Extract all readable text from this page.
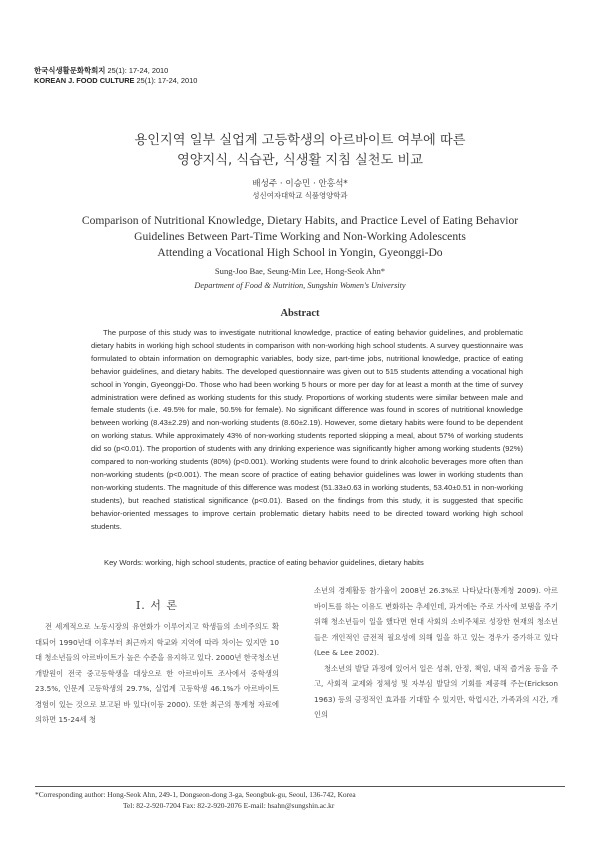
한국식생활문화학회지 25(1): 17-24, 2010
KOREAN J. FOOD CULTURE 25(1): 17-24, 2010
용인지역 일부 실업계 고등학생의 아르바이트 여부에 따른
영양지식, 식습관, 식생활 지침 실천도 비교
배성주 · 이승민 · 안홍석*
성신여자대학교 식품영양학과
Comparison of Nutritional Knowledge, Dietary Habits, and Practice Level of Eating Behavior
Guidelines Between Part-Time Working and Non-Working Adolescents
Attending a Vocational High School in Yongin, Gyeonggi-Do
Sung-Joo Bae, Seung-Min Lee, Hong-Seok Ahn*
Department of Food & Nutrition, Sungshin Women's University
Abstract
The purpose of this study was to investigate nutritional knowledge, practice of eating behavior guidelines, and problematic dietary habits in working high school students in comparison with non-working high school students. A survey questionnaire was formulated to obtain information on demographic variables, body size, part-time jobs, nutritional knowledge, practice of eating behavior guidelines, and dietary habits. The developed questionnaire was given out to 515 students attending a vocational high school in Yongin, Gyeonggi-Do. Those who had been working 5 hours or more per day for at least a month at the time of survey administration were defined as working students for this study. Proportions of working students were similar between male and female students (i.e. 49.5% for male, 50.5% for female). No significant difference was found in scores of nutritional knowledge between working (8.43±2.29) and non-working students (8.60±2.19). However, some dietary habits were found to be dependent on working status. While approximately 43% of non-working students reported skipping a meal, about 57% of working students did so (p<0.01). The proportion of students with any drinking experience was significantly higher among working students (92%) compared to non-working students (80%) (p<0.001). Working students were found to drink alcoholic beverages more often than non-working students (p<0.001). The mean score of practice of eating behavior guidelines was lower in working students than non-working students. The magnitude of this difference was modest (51.33±0.63 in working students, 53.40±0.51 in non-working students), but reached statistical significance (p<0.01). Based on the findings from this study, it is suggested that specific behavior-oriented messages to improve certain problematic dietary habits need to be directed toward working high school students.
Key Words: working, high school students, practice of eating behavior guidelines, dietary habits
I. 서 론

전 세계적으로 노동시장의 유연화가 이루어지고 학생들의 소비주의도 확대되어 1990년대 이후부터 최근까지 학교와 지역에 따라 차이는 있지만 10대 청소년들의 아르바이트가 높은 수준을 유지하고 있다. 2000년 한국청소년개발원이 전국 중고등학생을 대상으로 한 아르바이트 조사에서 중학생의 23.5%, 인문계 고등학생의 29.7%, 실업계 고등학생 46.1%가 아르바이트 경험이 있는 것으로 보고된 바 있다(이등 2000). 또한 최근의 통계청 자료에 의하면 15-24세 청

소년의 경제활동 참가율이 2008년 26.3%로 나타났다(통계청 2009). 아르바이트를 하는 이유도 변화하는 추세인데, 과거에는 주로 가사에 보탬을 주기 위해 청소년들이 일을 했다면 현대 사회의 소비주체로 성장한 현재의 청소년들은 개인적인 금전적 필요성에 의해 일을 하고 있는 경우가 증가하고 있다(Lee & Lee 2002).

청소년의 발달 과정에 있어서 일은 성취, 안정, 책임, 내적 즐거움 등을 주고, 사회적 교제와 정체성 및 자부심 발달의 기회를 제공해 주는(Erickson 1963) 등의 긍정적인 효과를 기대할 수 있지만, 학업시간, 가족과의 시간, 개인의

*Corresponding author: Hong-Seok Ahn, 249-1, Dongseon-dong 3-ga, Seongbuk-gu, Seoul, 136-742, Korea
Tel: 82-2-920-7204 Fax: 82-2-920-2076 E-mail: hsahn@sungshin.ac.kr
